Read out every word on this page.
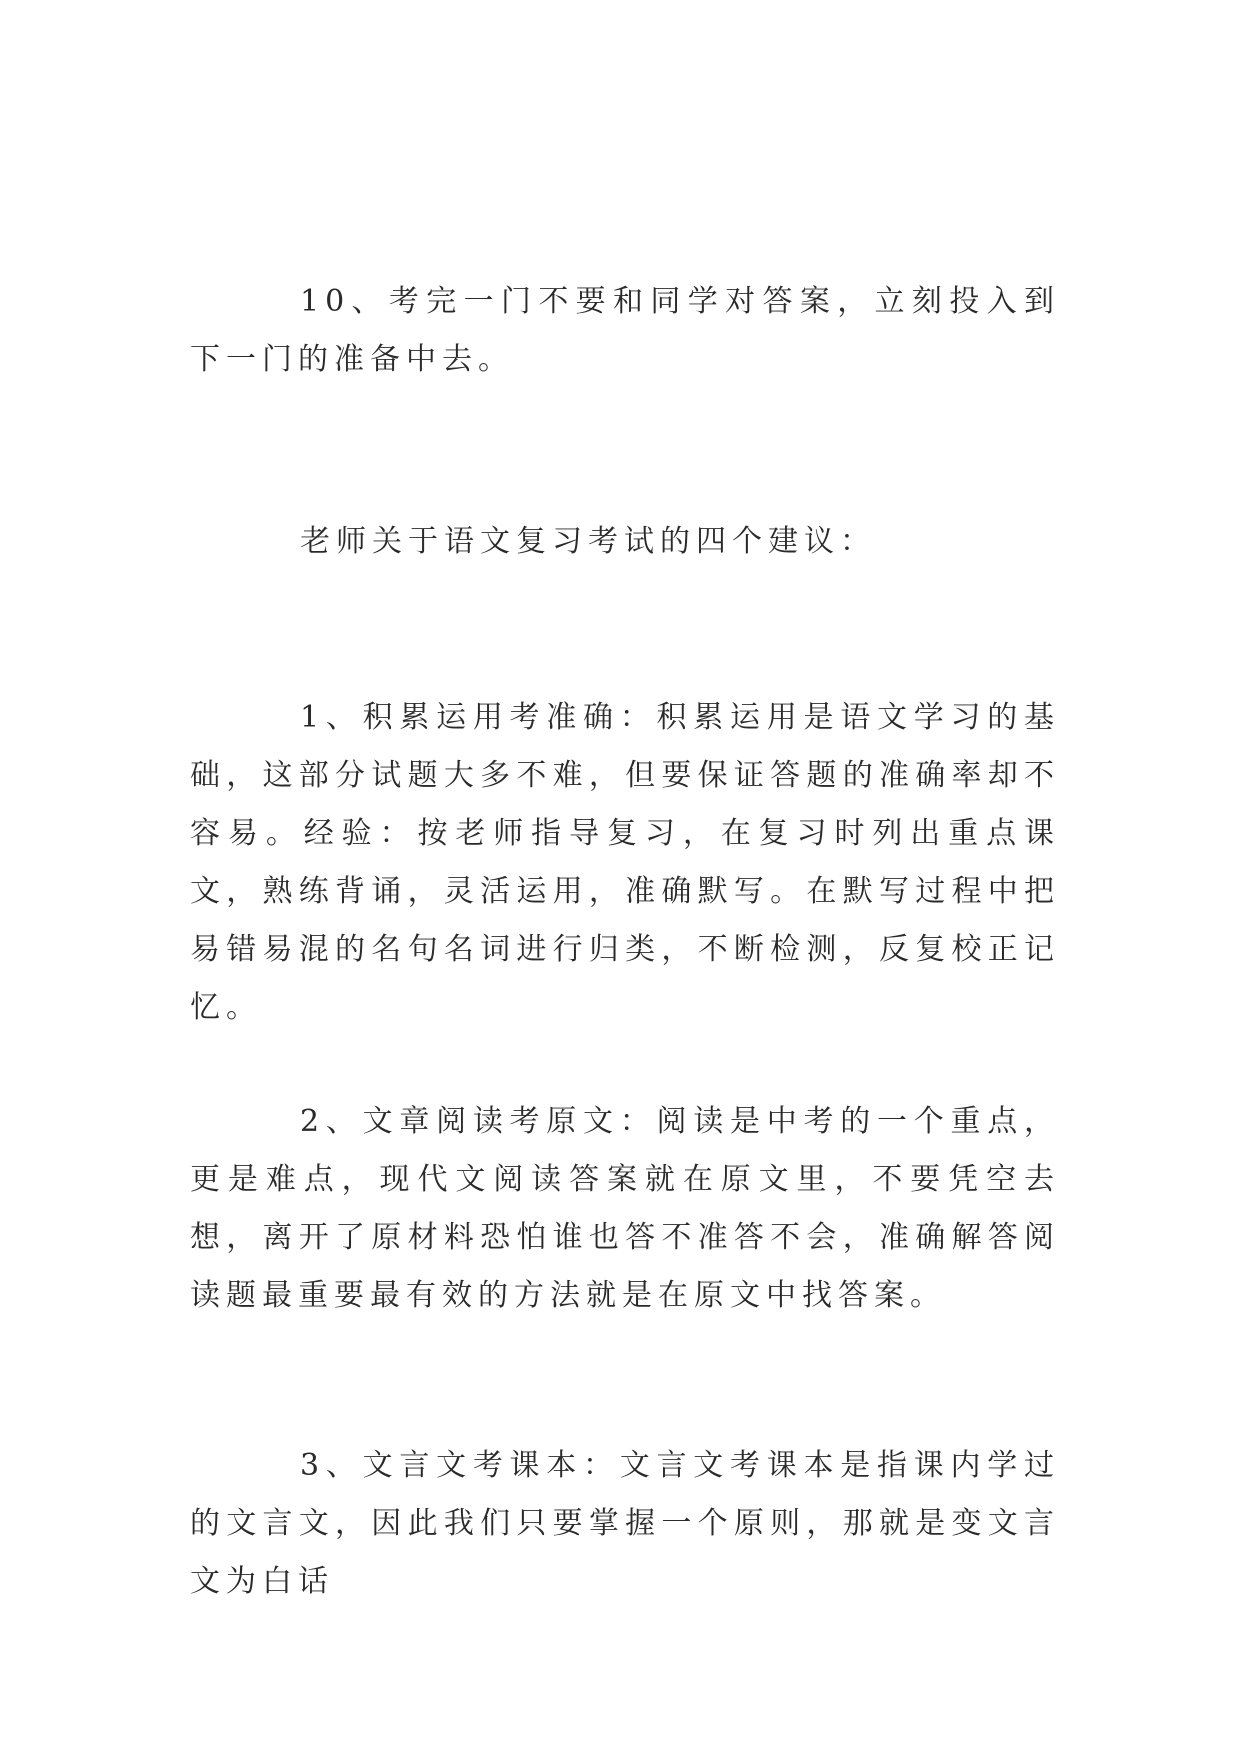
10、考完一门不要和同学对答案，立刻投入到下一门的准备中去。

老师关于语文复习考试的四个建议：

1、积累运用考准确：积累运用是语文学习的基础，这部分试题大多不难，但要保证答题的准确率却不容易。经验：按老师指导复习，在复习时列出重点课文，熟练背诵，灵活运用，准确默写。在默写过程中把易错易混的名句名词进行归类，不断检测，反复校正记忆。

2、文章阅读考原文：阅读是中考的一个重点，更是难点，现代文阅读答案就在原文里，不要凭空去想，离开了原材料恐怕谁也答不准答不会，准确解答阅读题最重要最有效的方法就是在原文中找答案。

3、文言文考课本：文言文考课本是指课内学过的文言文，因此我们只要掌握一个原则，那就是变文言文为白话
